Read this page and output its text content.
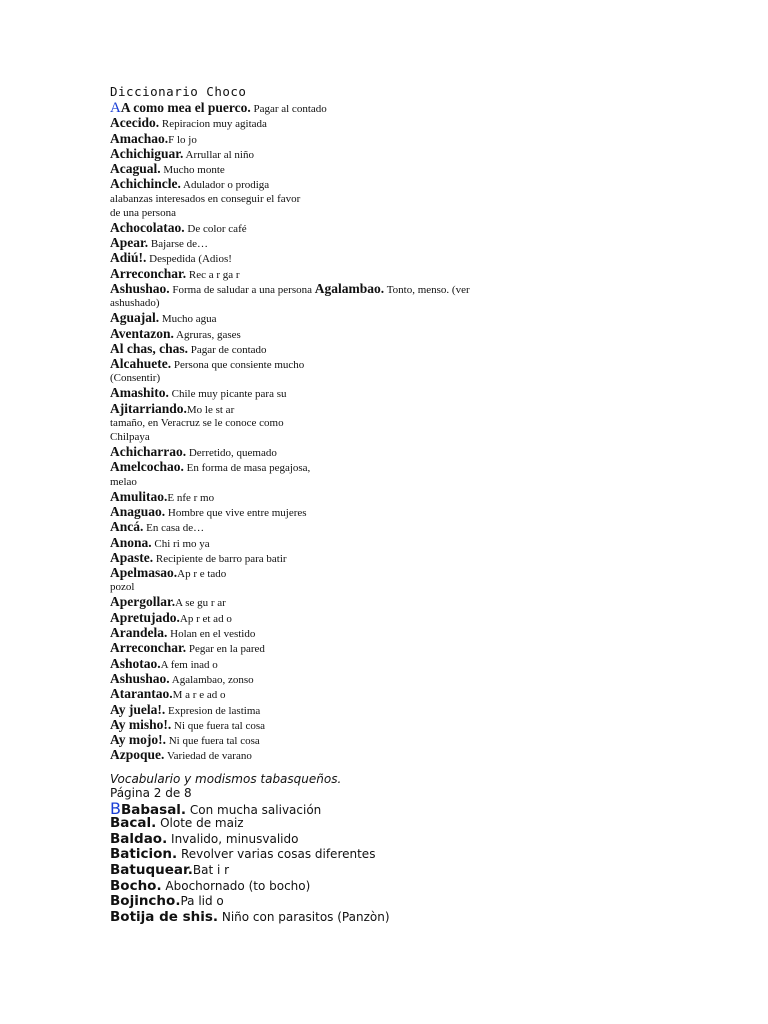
Diccionario Choco
AA como mea el puerco. Pagar al contado
Acecido. Repiracion muy agitada
Amachao.F lo jo
Achichiguar. Arrullar al niño
Acagual. Mucho monte
Achichincle. Adulador o prodiga
alabanzas interesados en conseguir el favor
de una persona
Achocolatao. De color café
Apear. Bajarse de…
Adiú!. Despedida (Adios!
Arreconchar. Rec a r ga r
Ashushao. Forma de saludar a una persona Agalambao. Tonto, menso. (ver
ashushado)
Aguajal. Mucho agua
Aventazon. Agruras, gases
Al chas, chas. Pagar de contado
Alcahuete. Persona que consiente mucho
(Consentir)
Amashito. Chile muy picante para su
Ajitarriando.Mo le st ar
tamaño, en Veracruz se le conoce como
Chilpaya
Achicharrao. Derretido, quemado
Amelcochao. En forma de masa pegajosa,
melao
Amulitao.E nfe r mo
Anaguao. Hombre que vive entre mujeres
Ancá. En casa de…
Anona. Chi ri mo ya
Apaste. Recipiente de barro para batir
Apelmasao.Ap r e tado
pozol
Apergollar.A se gu r ar
Apretujado.Ap r et ad o
Arandela. Holan en el vestido
Arreconchar. Pegar en la pared
Ashotao.A fem inad o
Ashushao. Agalambao, zonso
Atarantao.M a r e ad o
Ay juela!. Expresion de lastima
Ay misho!. Ni que fuera tal cosa
Ay mojo!. Ni que fuera tal cosa
Azpoque. Variedad de varano
Vocabulario y modismos tabasqueños.
Página 2 de 8
BBabasal. Con mucha salivación
Bacal. Olote de maiz
Baldao. Invalido, minusvalido
Baticion. Revolver varias cosas diferentes
Batuquear.Bat i r
Bocho. Abochornado (to bocho)
Bojincho.Pa lid o
Botija de shis. Niño con parasitos (Panzòn)
